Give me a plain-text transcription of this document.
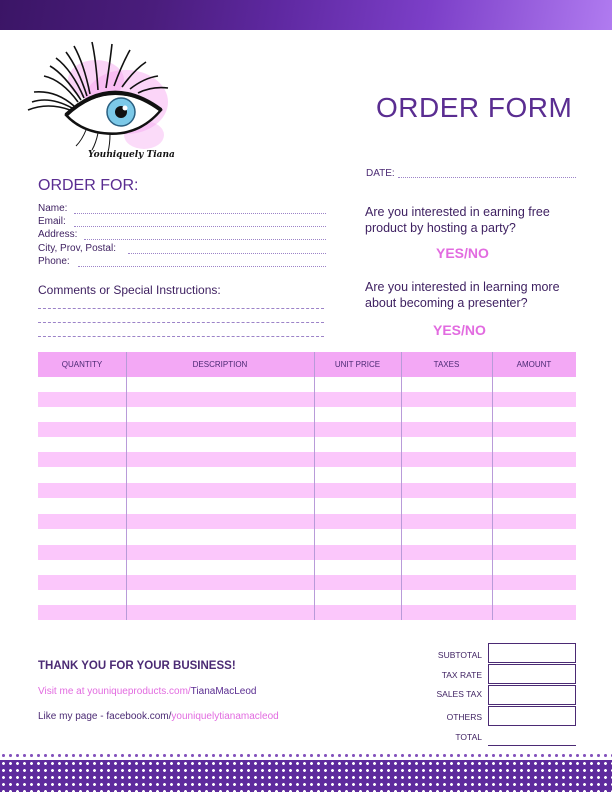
Youniquely Tiana
ORDER FORM
DATE:
ORDER FOR:
Name:
Email:
Address:
City, Prov, Postal:
Phone:
Comments or Special Instructions:
Are you interested in earning free product by hosting a party?
YES/NO
Are you interested in learning more about becoming a presenter?
YES/NO
QUANTITY	DESCRIPTION	UNIT PRICE	TAXES	AMOUNT
THANK YOU FOR YOUR BUSINESS!
Visit me at youniqueproducts.com/TianaMacLeod
Like my page - facebook.com/youniquelytianamacleod
SUBTOTAL
TAX RATE
SALES TAX
OTHERS
TOTAL
